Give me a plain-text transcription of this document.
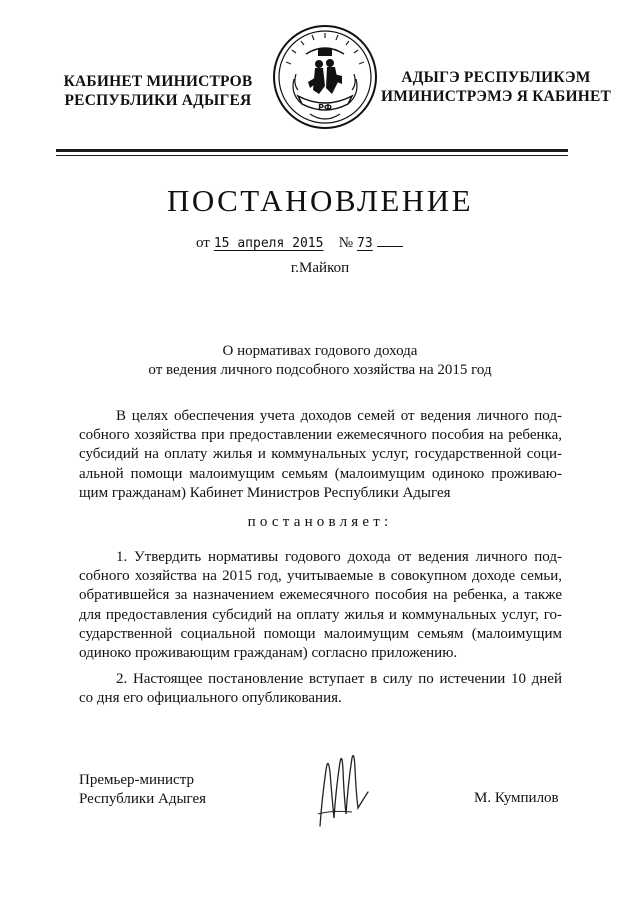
КАБИНЕТ МИНИСТРОВ
РЕСПУБЛИКИ АДЫГЕЯ	РФ
АДЫГЭ РЕСПУБЛИКЭМ
ИМИНИСТРЭМЭ Я КАБИНЕТ
ПОСТАНОВЛЕНИЕ
от 15 апреля 2015 № 73
г.Майкоп
О нормативах годового дохода
от ведения личного подсобного хозяйства на 2015 год
В целях обеспечения учета доходов семей от ведения личного под-
собного хозяйства при предоставлении ежемесячного пособия на ребенка,
субсидий на оплату жилья и коммунальных услуг, государственной соци-
альной помощи малоимущим семьям (малоимущим одиноко проживаю-
щим гражданам) Кабинет Министров Республики Адыгея
постановляет:
1. Утвердить нормативы годового дохода от ведения личного под-
собного хозяйства на 2015 год, учитываемые в совокупном доходе семьи,
обратившейся за назначением ежемесячного пособия на ребенка, а также
для предоставления субсидий на оплату жилья и коммунальных услуг, го-
сударственной социальной помощи малоимущим семьям (малоимущим
одиноко проживающим гражданам) согласно приложению.
2. Настоящее постановление вступает в силу по истечении 10 дней
со дня его официального опубликования.
Премьер-министр
Республики Адыгея	М. Кумпилов
